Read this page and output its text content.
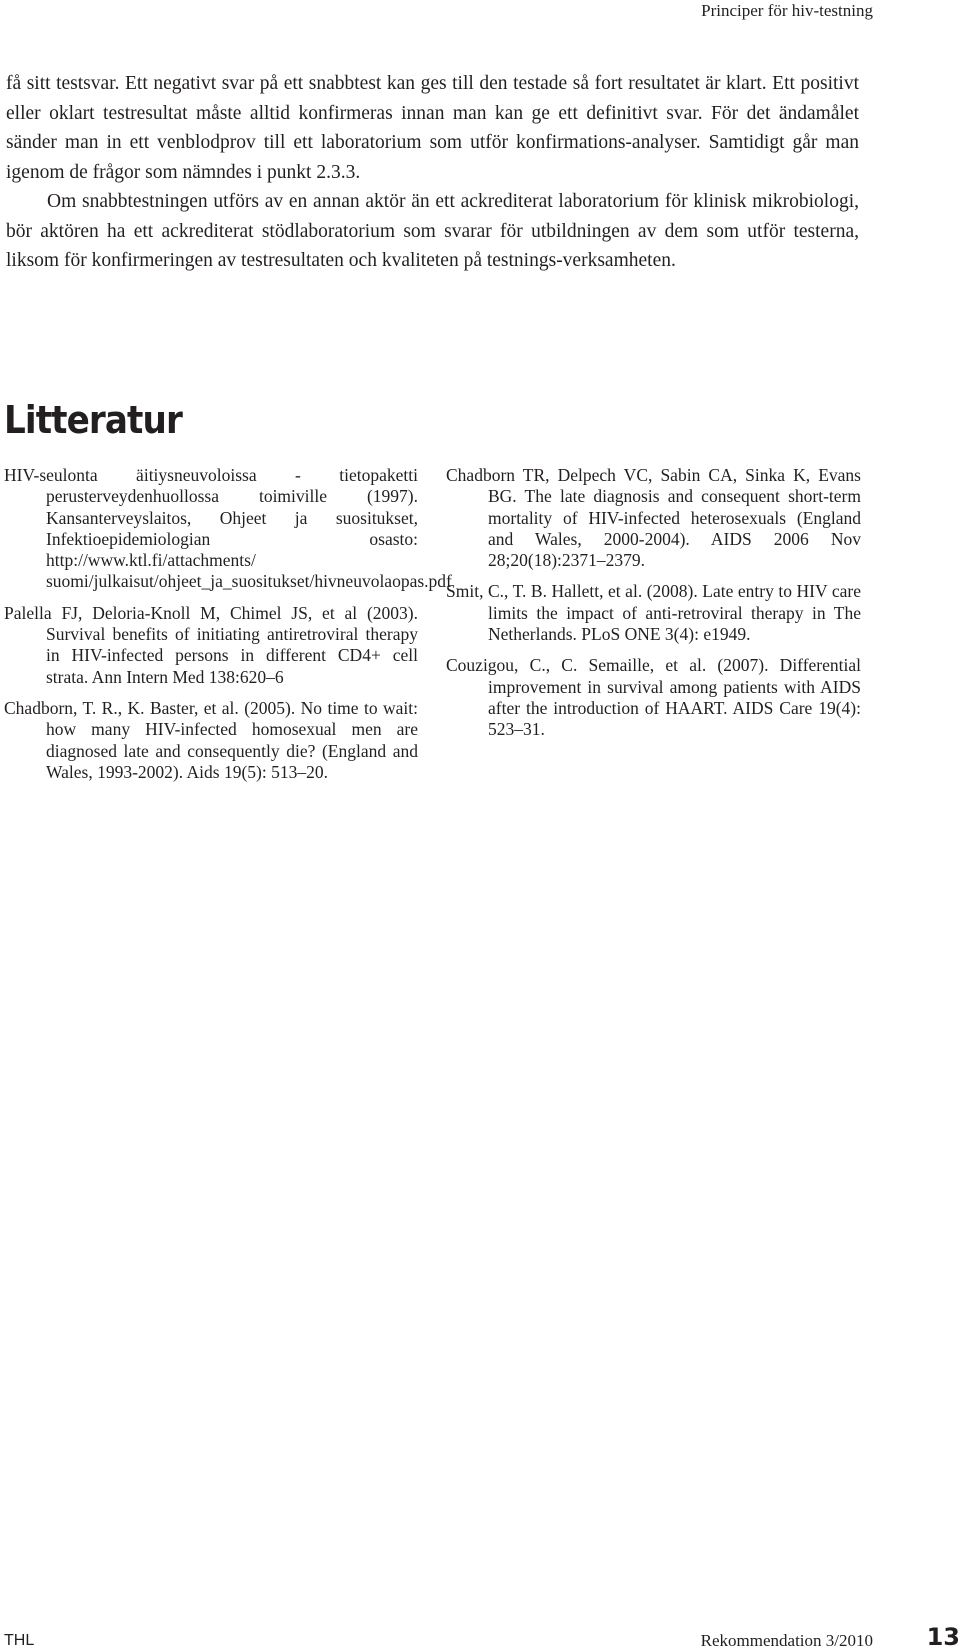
Principer för hiv-testning

få sitt testsvar. Ett negativt svar på ett snabbtest kan ges till den testade så fort resultatet är klart. Ett positivt eller oklart testresultat måste alltid konfirmeras innan man kan ge ett definitivt svar. För det ändamålet sänder man in ett venblodprov till ett laboratorium som utför konfirmations-analyser. Samtidigt går man igenom de frågor som nämndes i punkt 2.3.3.

Om snabbtestningen utförs av en annan aktör än ett ackrediterat laboratorium för klinisk mikrobiologi, bör aktören ha ett ackrediterat stödlaboratorium som svarar för utbildningen av dem som utför testerna, liksom för konfirmeringen av testresultaten och kvaliteten på testnings-verksamheten.

Litteratur

HIV-seulonta äitiysneuvoloissa - tietopaketti perusterveydenhuollossa toimiville (1997). Kansanterveyslaitos, Ohjeet ja suositukset, Infektioepidemiologian osasto: http://www.ktl.fi/attachments/ suomi/julkaisut/ohjeet_ja_suositukset/hivneuvolaopas.pdf

Palella FJ, Deloria-Knoll M, Chimel JS, et al (2003). Survival benefits of initiating antiretroviral therapy in HIV-infected persons in different CD4+ cell strata. Ann Intern Med 138:620–6

Chadborn, T. R., K. Baster, et al. (2005). No time to wait: how many HIV-infected homosexual men are diagnosed late and consequently die? (England and Wales, 1993-2002). Aids 19(5): 513–20.

Chadborn TR, Delpech VC, Sabin CA, Sinka K, Evans BG. The late diagnosis and consequent short-term mortality of HIV-infected heterosexuals (England and Wales, 2000-2004). AIDS 2006 Nov 28;20(18):2371–2379.

Smit, C., T. B. Hallett, et al. (2008). Late entry to HIV care limits the impact of anti-retroviral therapy in The Netherlands. PLoS ONE 3(4): e1949.

Couzigou, C., C. Semaille, et al. (2007). Differential improvement in survival among patients with AIDS after the introduction of HAART. AIDS Care 19(4): 523–31.

THL	Rekommendation 3/2010 13
